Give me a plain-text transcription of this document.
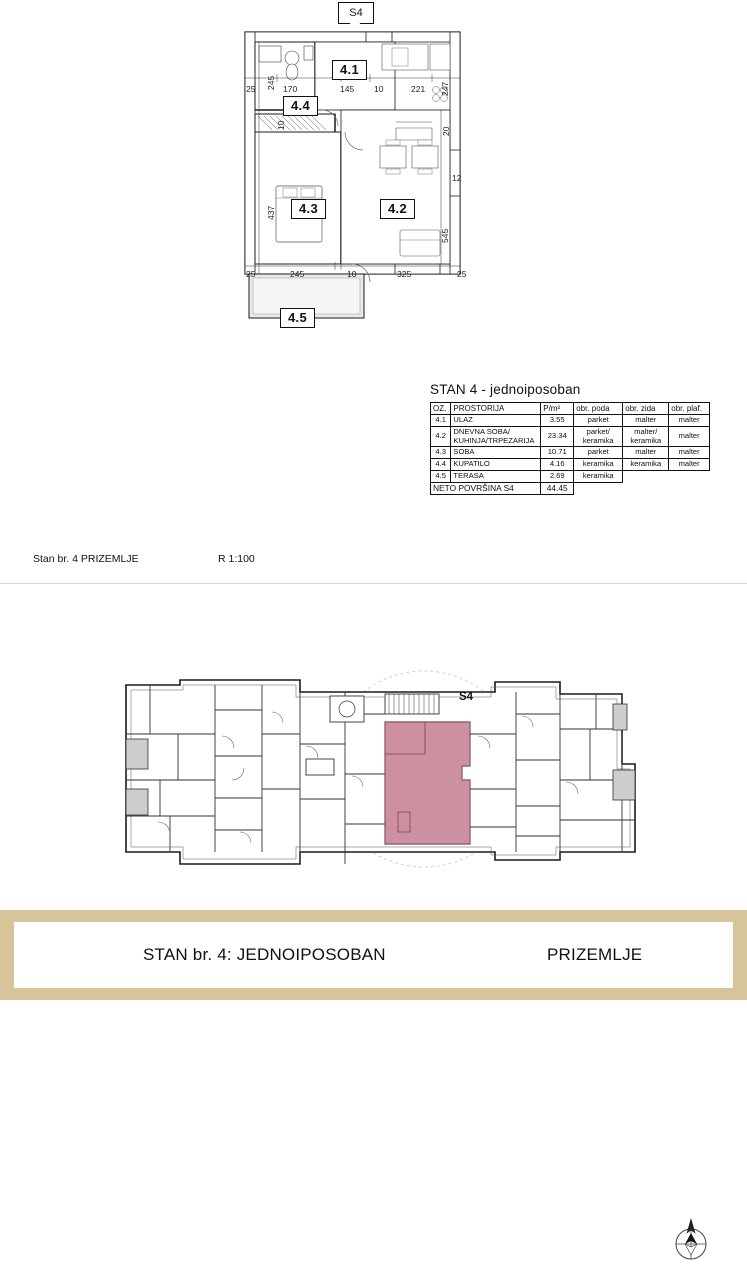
S4
4.1
4.4
4.3	4.2
4.5
25 245 170	145 10	221 247
10
20
12
437
545
25	245	10	325	25
STAN 4 - jednoiposoban
OZ.	PROSTORIJA	P/m²	obr. poda	obr. zida	obr. plaf.
4.1	ULAZ	3.55	parket	malter	malter
4.2	DNEVNA SOBA/ KUHINJA/TRPEZARIJA	23.34	parket/ keramika	malter/ keramika	malter
4.3	SOBA	10.71	parket	malter	malter
4.4	KUPATILO	4.16	keramika	keramika	malter
4.5	TERASA	2.69	keramika		
NETO POVRŠINA S4		44.45			
Stan br. 4 PRIZEMLJE	R 1:100
S4
STAN br. 4: JEDNOIPOSOBAN	PRIZEMLJE
